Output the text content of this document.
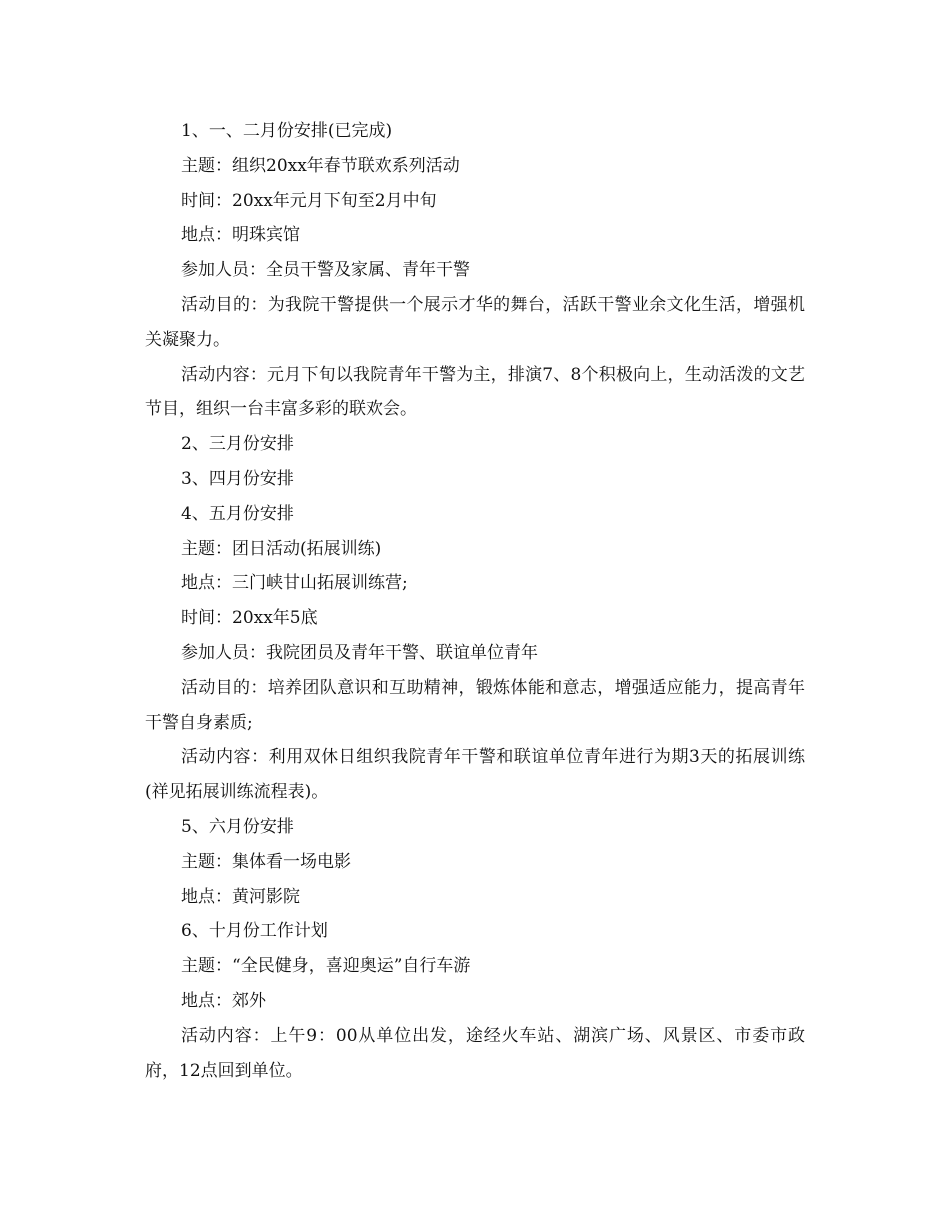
1、一、二月份安排(已完成)

主题：组织20xx年春节联欢系列活动

时间：20xx年元月下旬至2月中旬

地点：明珠宾馆

参加人员：全员干警及家属、青年干警

活动目的：为我院干警提供一个展示才华的舞台，活跃干警业余文化生活，增强机关凝聚力。

活动内容：元月下旬以我院青年干警为主，排演7、8个积极向上，生动活泼的文艺节目，组织一台丰富多彩的联欢会。

2、三月份安排

3、四月份安排

4、五月份安排

主题：团日活动(拓展训练)

地点：三门峡甘山拓展训练营;

时间：20xx年5底

参加人员：我院团员及青年干警、联谊单位青年

活动目的：培养团队意识和互助精神，锻炼体能和意志，增强适应能力，提高青年干警自身素质;

活动内容：利用双休日组织我院青年干警和联谊单位青年进行为期3天的拓展训练(祥见拓展训练流程表)。

5、六月份安排

主题：集体看一场电影

地点：黄河影院

6、十月份工作计划

主题：“全民健身，喜迎奥运”自行车游

地点：郊外

活动内容：上午9：00从单位出发，途经火车站、湖滨广场、风景区、市委市政府，12点回到单位。
